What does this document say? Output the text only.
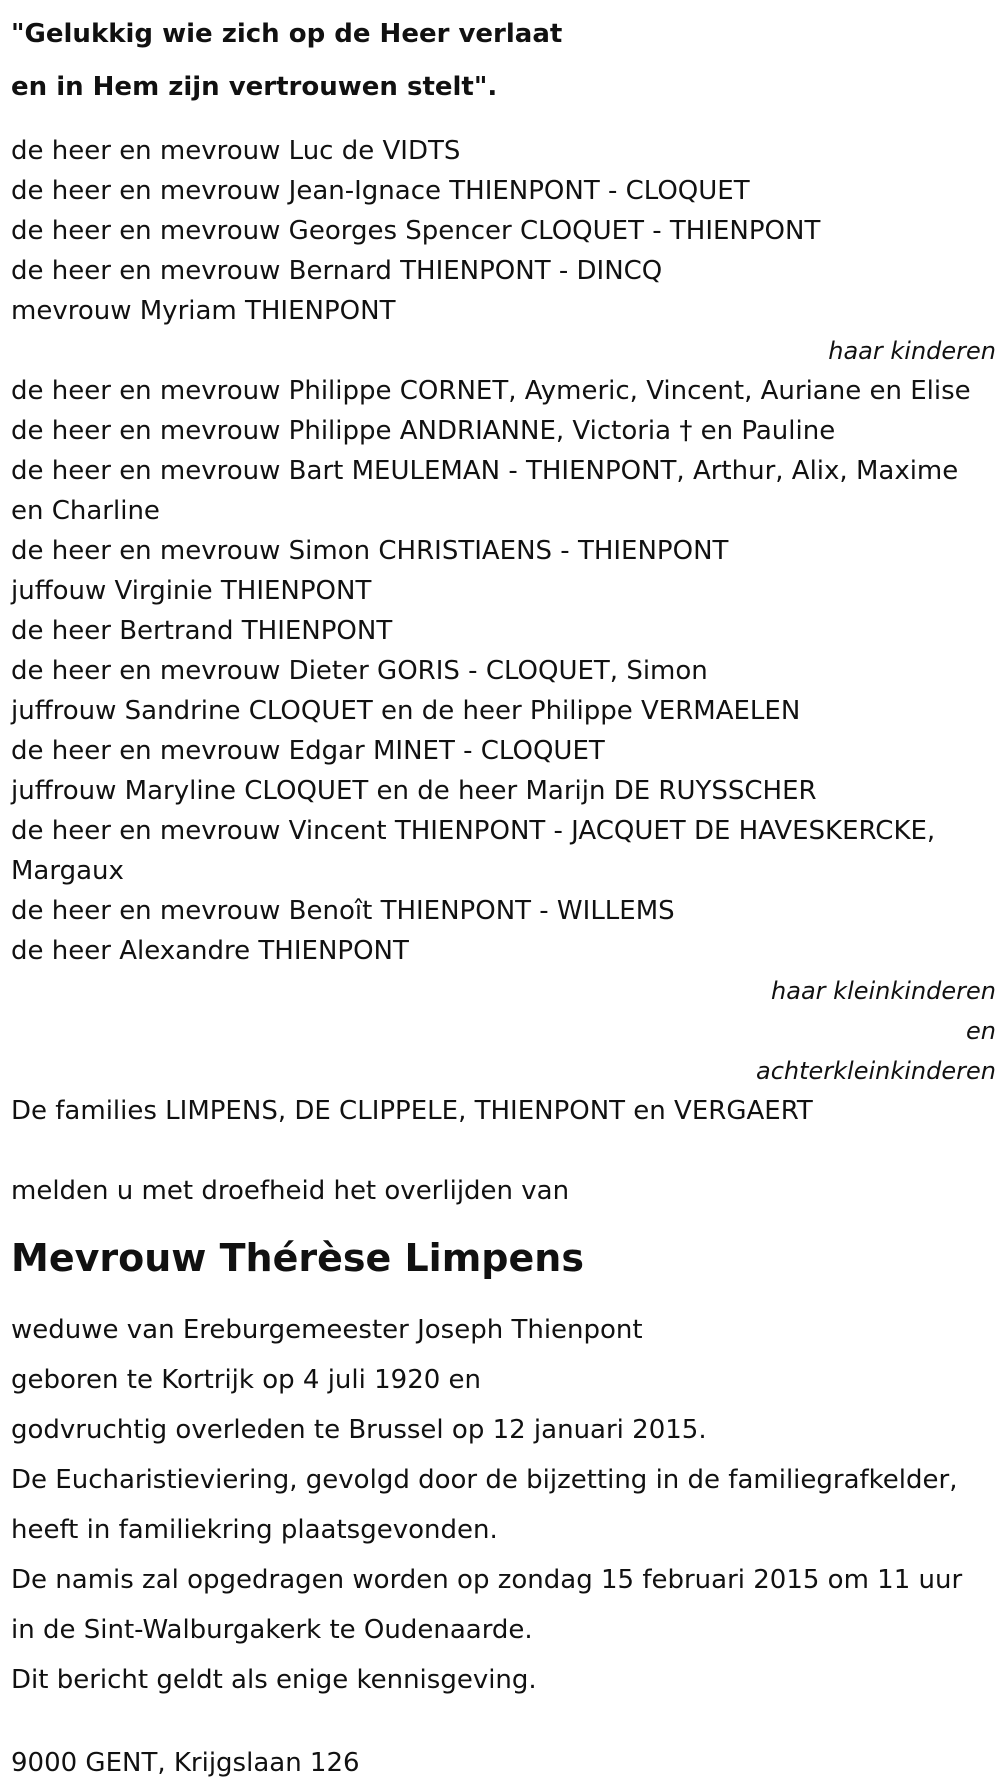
"Gelukkig wie zich op de Heer verlaat
en in Hem zijn vertrouwen stelt".
de heer en mevrouw Luc de VIDTS
de heer en mevrouw Jean-Ignace THIENPONT - CLOQUET
de heer en mevrouw Georges Spencer CLOQUET - THIENPONT
de heer en mevrouw Bernard THIENPONT - DINCQ
mevrouw Myriam THIENPONT
haar kinderen
de heer en mevrouw Philippe CORNET, Aymeric, Vincent, Auriane en Elise
de heer en mevrouw Philippe ANDRIANNE, Victoria † en Pauline
de heer en mevrouw Bart MEULEMAN - THIENPONT, Arthur, Alix, Maxime en Charline
de heer en mevrouw Simon CHRISTIAENS - THIENPONT
juffouw Virginie THIENPONT
de heer Bertrand THIENPONT
de heer en mevrouw Dieter GORIS - CLOQUET, Simon
juffrouw Sandrine CLOQUET en de heer Philippe VERMAELEN
de heer en mevrouw Edgar MINET - CLOQUET
juffrouw Maryline CLOQUET en de heer Marijn DE RUYSSCHER
de heer en mevrouw Vincent THIENPONT - JACQUET DE HAVESKERCKE, Margaux
de heer en mevrouw Benoît THIENPONT - WILLEMS
de heer Alexandre THIENPONT
haar kleinkinderen
en
achterkleinkinderen
De families LIMPENS, DE CLIPPELE, THIENPONT en VERGAERT
melden u met droefheid het overlijden van
Mevrouw Thérèse Limpens
weduwe van Ereburgemeester Joseph Thienpont
geboren te Kortrijk op 4 juli 1920 en
godvruchtig overleden te Brussel op 12 januari 2015.
De Eucharistieviering, gevolgd door de bijzetting in de familiegrafkelder,
heeft in familiekring plaatsgevonden.
De namis zal opgedragen worden op zondag 15 februari 2015 om 11 uur
in de Sint-Walburgakerk te Oudenaarde.
Dit bericht geldt als enige kennisgeving.
9000 GENT, Krijgslaan 126
